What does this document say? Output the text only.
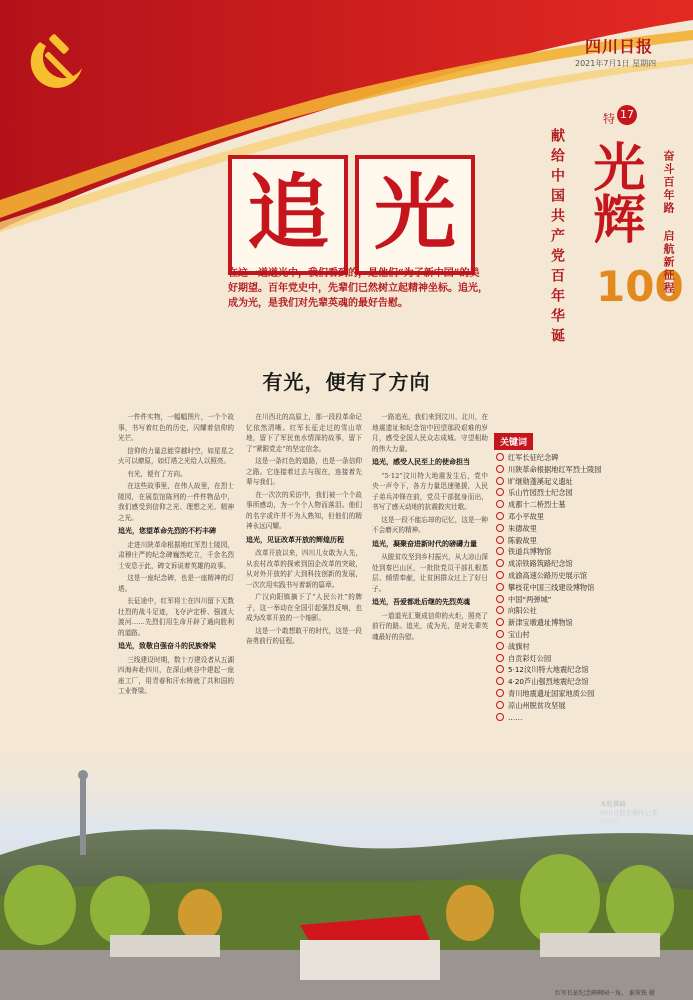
四川日报
2021年7月1日 星期四
特 17
献给中国共产党百年华诞 光辉
100
奋斗百年路 启航新征程
追 光
在这一道道光中，我们看到的，是他们“为了新中国”的美好期望。百年党史中，先辈们已然树立起精神坐标。追光，成为光，是我们对先辈英魂的最好告慰。
有光，便有了方向

一件件实物，一幅幅图片，一个个故事，书写着红色的历史，闪耀着信仰的光芒。

信仰的力量总能穿越时空，如星星之火可以燎原，如灯塔之光给人以照亮。

有光，便有了方向。

在这些故事里，在伟人故里，在烈士陵园，在展览馆陈列的一件件物品中，我们感受到信仰之光、理想之光、精神之光。

追光，您望革命先烈的不朽丰碑

走进川陕革命根据地红军烈士陵园，肃穆庄严的纪念碑巍然屹立，千余名烈士安息于此，碑文诉说着英雄的故事。

这是一座纪念碑，也是一座精神的灯塔。

长征途中，红军将士在四川留下无数壮烈的战斗足迹，飞夺泸定桥、强渡大渡河……先烈们用生命开辟了通向胜利的道路。

追光，致敬自强奋斗的民族脊梁

三线建设时期，数十万建设者从五湖四海奔赴四川，在深山峡谷中建起一座座工厂，用青春和汗水铸就了共和国的工业脊梁。

在川西北的高原上，那一段段革命记忆依然清晰。红军长征走过的雪山草地，留下了军民鱼水情深的故事，留下了“紧跟党走”的坚定信念。

这是一条红色的道路，也是一条信仰之路。它连接着过去与现在，连接着先辈与我们。

在一次次的采访中，我们被一个个故事所感动，为一个个人物而落泪。他们的名字或许并不为人熟知，但他们的精神永远闪耀。

追光，见证改革开放的辉煌历程

改革开放以来，四川儿女敢为人先，从农村改革的探索到国企改革的突破，从对外开放的扩大到科技创新的发展，一次次用实践书写着新的篇章。

广汉向阳镇摘下了“人民公社”的牌子，这一举动在全国引起强烈反响，也成为改革开放的一个缩影。

这是一个敢想敢干的时代，这是一段奋勇前行的征程。

一路追光，我们来到汶川、北川，在地震遗址和纪念馆中回望那段艰难的岁月，感受全国人民众志成城、守望相助的伟大力量。

追光，感受人民至上的使命担当

“5·12”汶川特大地震发生后，党中央一声令下，各方力量迅速驰援，人民子弟兵冲锋在前，党员干部挺身而出，书写了感天动地的抗震救灾壮歌。

这是一段不能忘却的记忆，这是一种不会磨灭的精神。

追光，凝聚奋进新时代的磅礴力量

从脱贫攻坚到乡村振兴，从大凉山深处到秦巴山区，一批批党员干部扎根基层、倾情奉献，让贫困群众过上了好日子。

追光，吾爱都赴后继的先烈英魂

一道道光汇聚成信仰的火炬，照亮了前行的路。追光，成为光，是对先辈英魂最好的告慰。

关键词
红军长征纪念碑
川陕革命根据地红军烈士陵园
旷继勋蓬溪起义遗址
乐山竹园烈士纪念园
成都十二桥烈士墓
邓小平故里
朱德故里
陈毅故里
铁道兵博物馆
成凉铁路筑路纪念馆
成渝高速公路历史展示馆
攀枝花中国三线建设博物馆
中国“两弹城”
向阳公社
新津宝墩遗址博物馆
宝山村
战旗村
自贡彩灯公园
5·12汶川特大地震纪念馆
4·20芦山强烈地震纪念馆
青川地震遗址国家地质公园
凉山州脱贫攻坚展
……

红军长征纪念碑碑园一角。 秦灰铁 摄
